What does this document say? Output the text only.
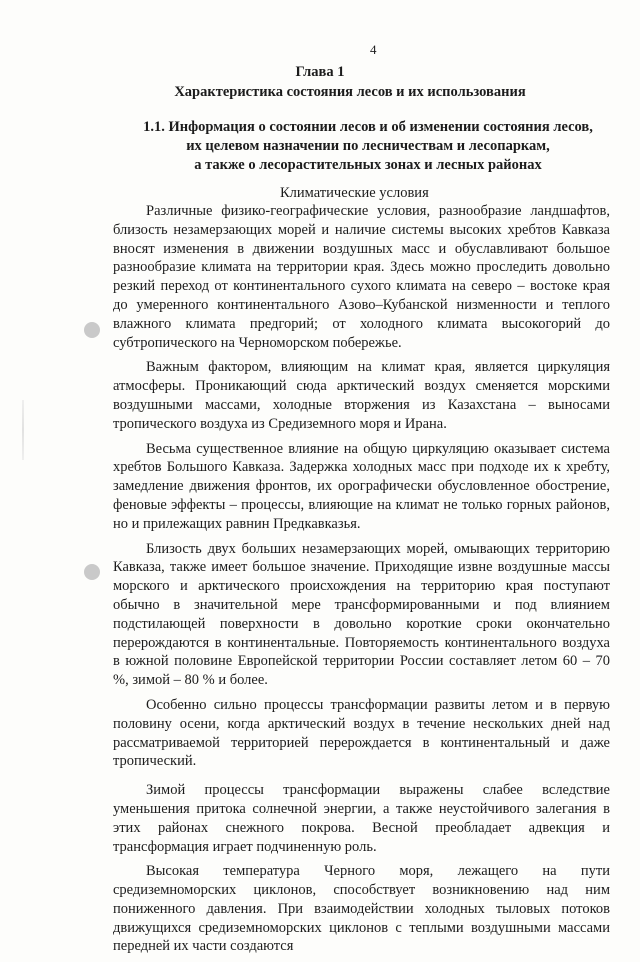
4
Глава 1
Характеристика состояния лесов и их использования
1.1. Информация о состоянии лесов и об изменении состояния лесов,
их целевом назначении по лесничествам и лесопаркам,
а также о лесорастительных зонах и лесных районах
Климатические условия

Различные физико-географические условия, разнообразие ландшафтов, близость незамерзающих морей и наличие системы высоких хребтов Кавказа вносят изменения в движении воздушных масс и обуславливают большое разнообразие климата на территории края. Здесь можно проследить довольно резкий переход от континентального сухого климата на северо – востоке края до умеренного континентального Азово–Кубанской низменности и теплого влажного климата предгорий; от холодного климата высокогорий до субтропического на Черноморском побережье.

Важным фактором, влияющим на климат края, является циркуляция атмосферы. Проникающий сюда арктический воздух сменяется морскими воздушными массами, холодные вторжения из Казахстана – выносами тропического воздуха из Средиземного моря и Ирана.

Весьма существенное влияние на общую циркуляцию оказывает система хребтов Большого Кавказа. Задержка холодных масс при подходе их к хребту, замедление движения фронтов, их орографически обусловленное обострение, феновые эффекты – процессы, влияющие на климат не только горных районов, но и прилежащих равнин Предкавказья.

Близость двух больших незамерзающих морей, омывающих территорию Кавказа, также имеет большое значение. Приходящие извне воздушные массы морского и арктического происхождения на территорию края поступают обычно в значительной мере трансформированными и под влиянием подстилающей поверхности в довольно короткие сроки окончательно перерождаются в континентальные. Повторяемость континентального воздуха в южной половине Европейской территории России составляет летом 60 – 70 %, зимой – 80 % и более.

Особенно сильно процессы трансформации развиты летом и в первую половину осени, когда арктический воздух в течение нескольких дней над рассматриваемой территорией перерождается в континентальный и даже тропический.

Зимой процессы трансформации выражены слабее вследствие уменьшения притока солнечной энергии, а также неустойчивого залегания в этих районах снежного покрова. Весной преобладает адвекция и трансформация играет подчиненную роль.

Высокая температура Черного моря, лежащего на пути средиземноморских циклонов, способствует возникновению над ним пониженного давления. При взаимодействии холодных тыловых потоков движущихся средиземноморских циклонов с теплыми воздушными массами передней их части создаются
